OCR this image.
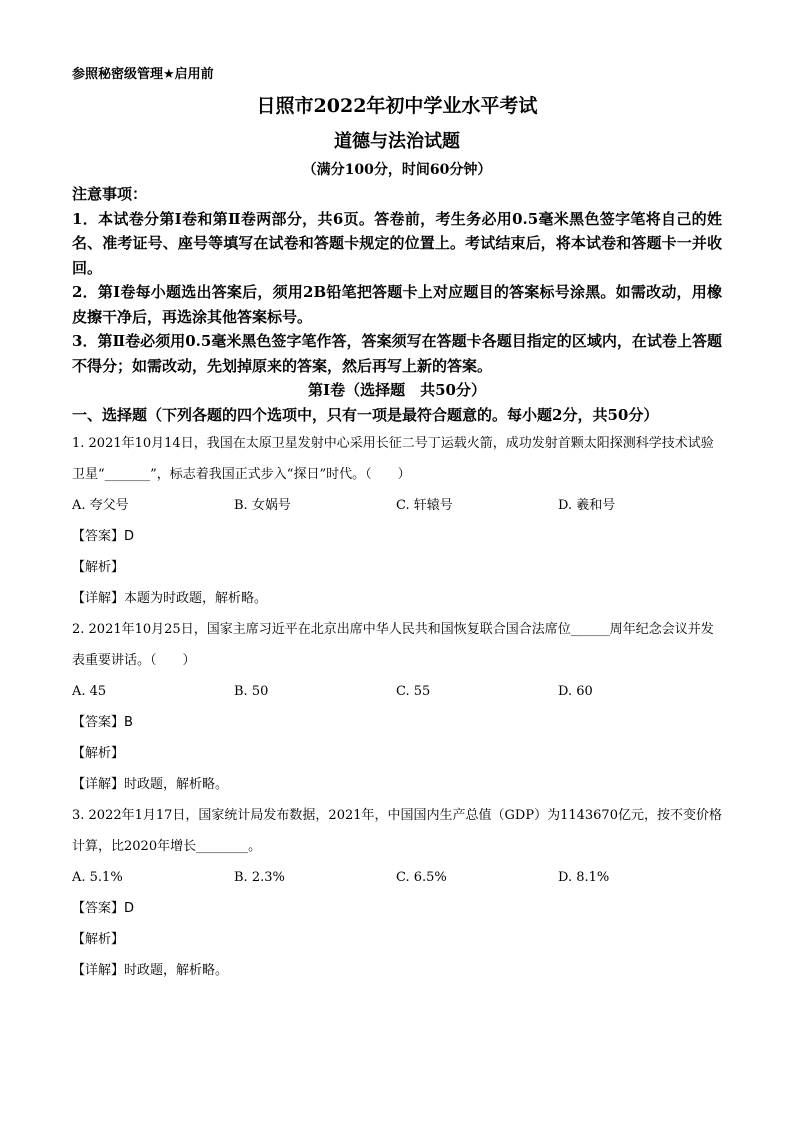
参照秘密级管理★启用前
日照市2022年初中学业水平考试
道德与法治试题
（满分100分，时间60分钟）

注意事项：

1．本试卷分第Ⅰ卷和第Ⅱ卷两部分，共6页。答卷前，考生务必用0.5毫米黑色签字笔将自己的姓名、准考证号、座号等填写在试卷和答题卡规定的位置上。考试结束后，将本试卷和答题卡一并收回。

2．第Ⅰ卷每小题选出答案后，须用2B铅笔把答题卡上对应题目的答案标号涂黑。如需改动，用橡皮擦干净后，再选涂其他答案标号。

3．第Ⅱ卷必须用0.5毫米黑色签字笔作答，答案须写在答题卡各题目指定的区域内，在试卷上答题不得分；如需改动，先划掉原来的答案，然后再写上新的答案。

第Ⅰ卷（选择题　共50分）
一、选择题（下列各题的四个选项中，只有一项是最符合题意的。每小题2分，共50分）

1. 2021年10月14日，我国在太原卫星发射中心采用长征二号丁运载火箭，成功发射首颗太阳探测科学技术试验卫星“_______”，标志着我国正式步入“探日”时代。（　　）

A. 夸父号	B. 女娲号	C. 轩辕号	D. 羲和号
【答案】D
【解析】
【详解】本题为时政题，解析略。

2. 2021年10月25日，国家主席习近平在北京出席中华人民共和国恢复联合国合法席位______周年纪念会议并发表重要讲话。（　　）

A. 45	B. 50	C. 55	D. 60
【答案】B
【解析】
【详解】时政题，解析略。

3. 2022年1月17日，国家统计局发布数据，2021年，中国国内生产总值（GDP）为1143670亿元，按不变价格计算，比2020年增长________。

A. 5.1%	B. 2.3%	C. 6.5%	D. 8.1%
【答案】D
【解析】
【详解】时政题，解析略。
